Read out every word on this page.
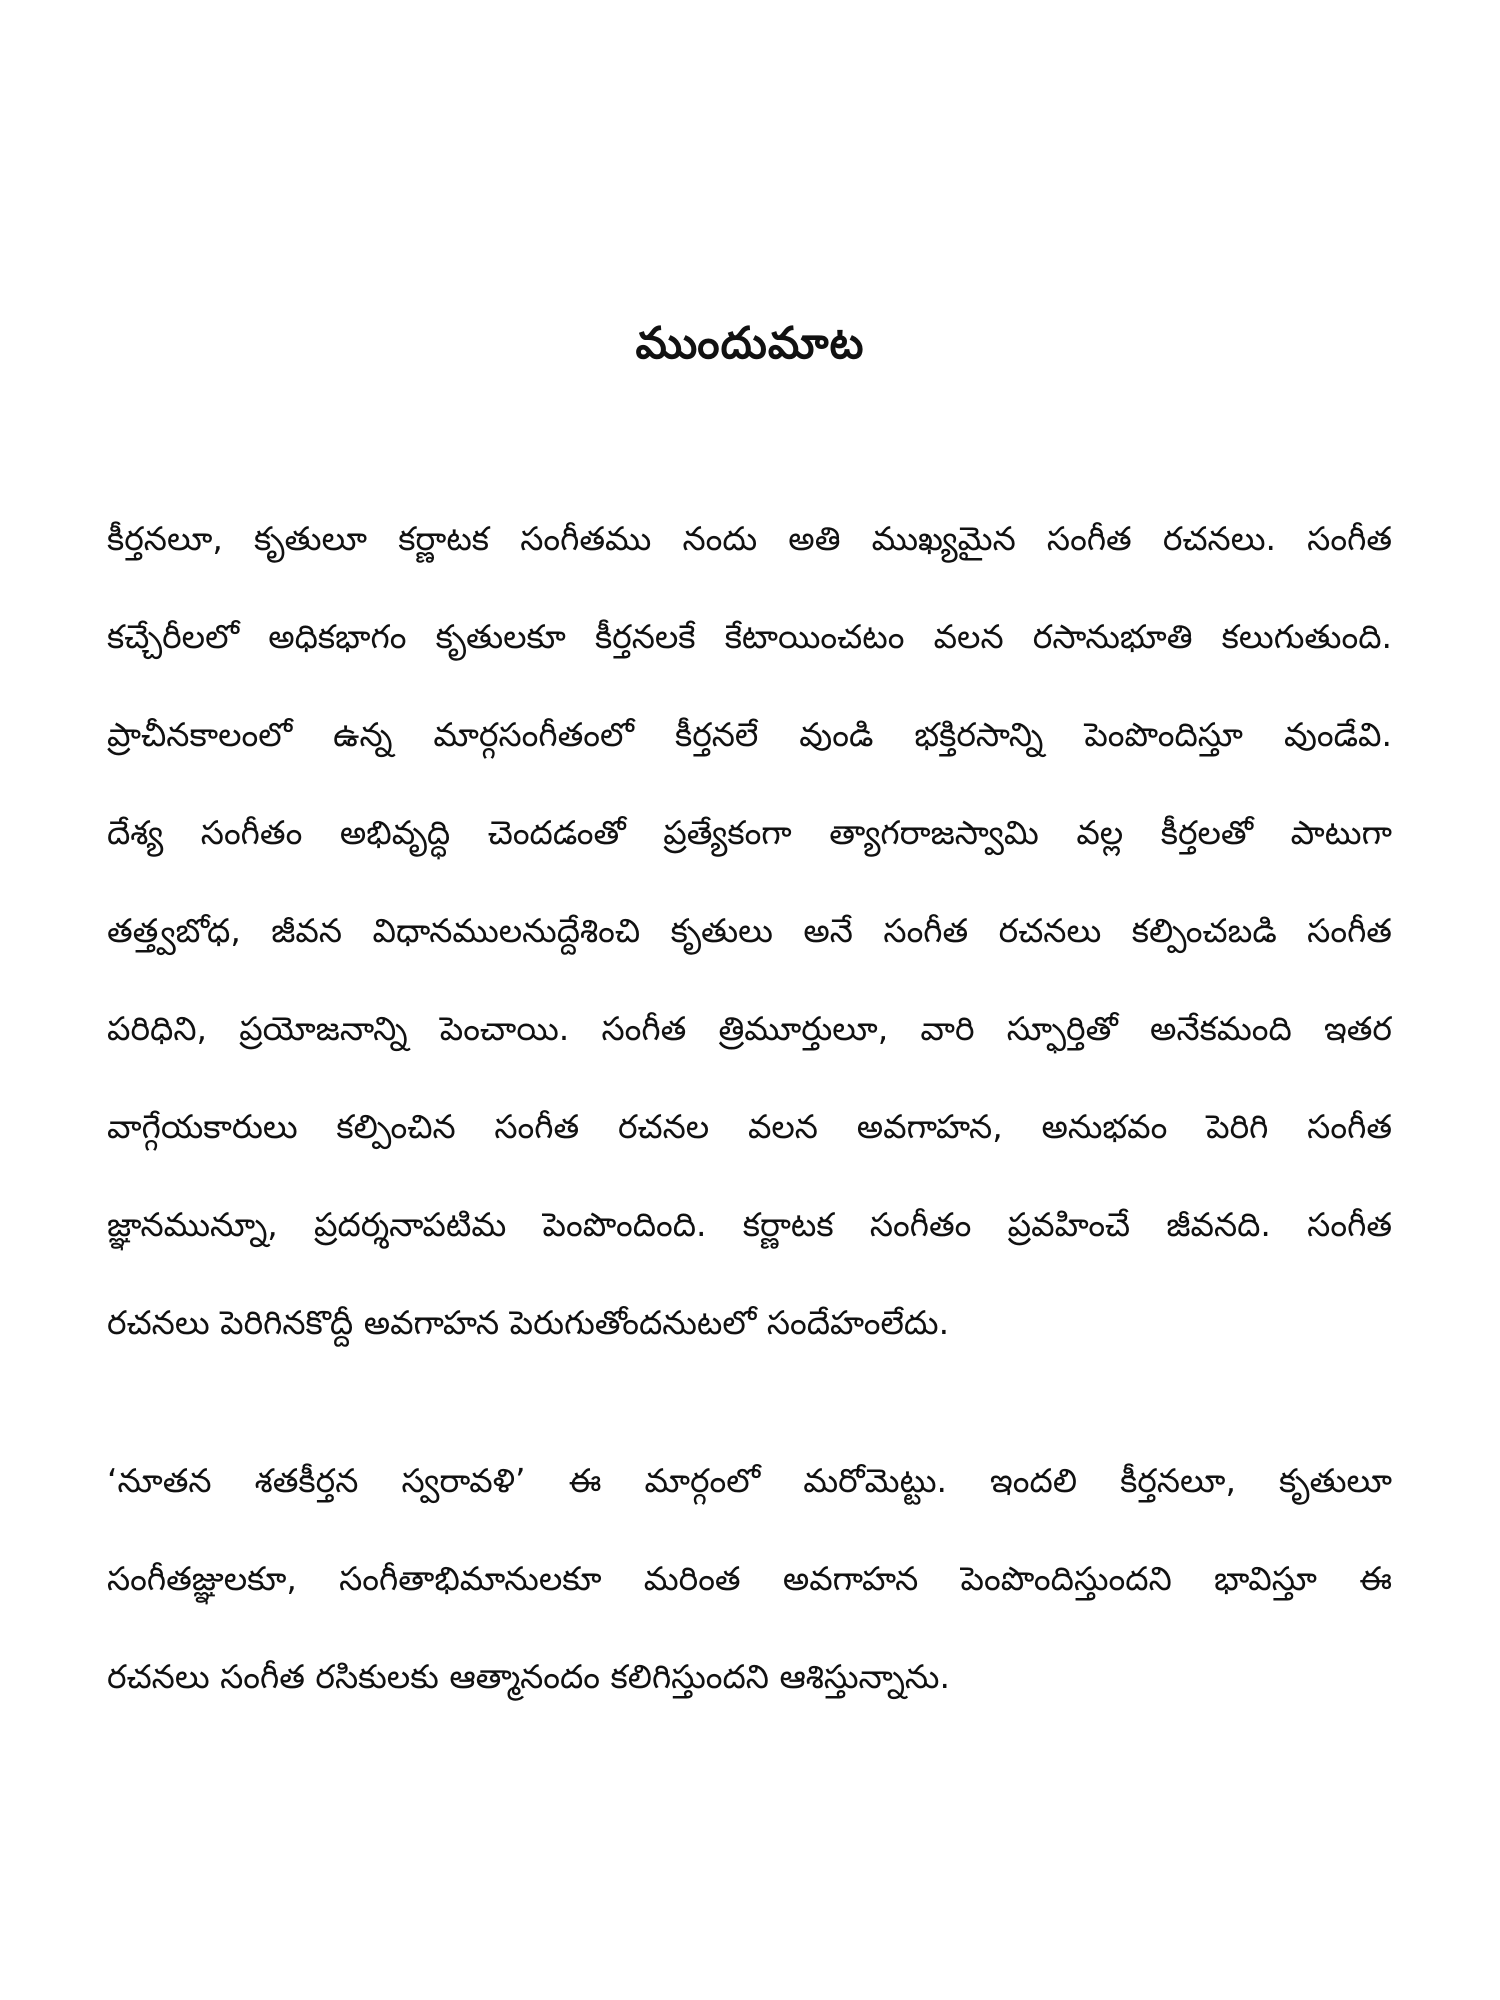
ముందుమాట
కీర్తనలూ, కృతులూ కర్ణాటక సంగీతము నందు అతి ముఖ్యమైన సంగీత రచనలు. సంగీత
కచ్చేరీలలో అధికభాగం కృతులకూ కీర్తనలకే కేటాయించటం వలన రసానుభూతి కలుగుతుంది.
ప్రాచీనకాలంలో ఉన్న మార్గసంగీతంలో కీర్తనలే వుండి భక్తిరసాన్ని పెంపొందిస్తూ వుండేవి.
దేశ్య సంగీతం అభివృద్ధి చెందడంతో ప్రత్యేకంగా త్యాగరాజస్వామి వల్ల కీర్తలతో పాటుగా
తత్త్వబోధ, జీవన విధానములనుద్దేశించి కృతులు అనే సంగీత రచనలు కల్పించబడి సంగీత
పరిధిని, ప్రయోజనాన్ని పెంచాయి. సంగీత త్రిమూర్తులూ, వారి స్ఫూర్తితో అనేకమంది ఇతర
వాగ్గేయకారులు కల్పించిన సంగీత రచనల వలన అవగాహన, అనుభవం పెరిగి సంగీత
జ్ఞానమున్నూ, ప్రదర్శనాపటిమ పెంపొందింది. కర్ణాటక సంగీతం ప్రవహించే జీవనది. సంగీత
రచనలు పెరిగినకొద్దీ అవగాహన పెరుగుతోందనుటలో సందేహంలేదు.
‘నూతన శతకీర్తన స్వరావళి’ ఈ మార్గంలో మరోమెట్టు. ఇందలి కీర్తనలూ, కృతులూ
సంగీతజ్ఞులకూ, సంగీతాభిమానులకూ మరింత అవగాహన పెంపొందిస్తుందని భావిస్తూ ఈ
రచనలు సంగీత రసికులకు ఆత్మానందం కలిగిస్తుందని ఆశిస్తున్నాను.
